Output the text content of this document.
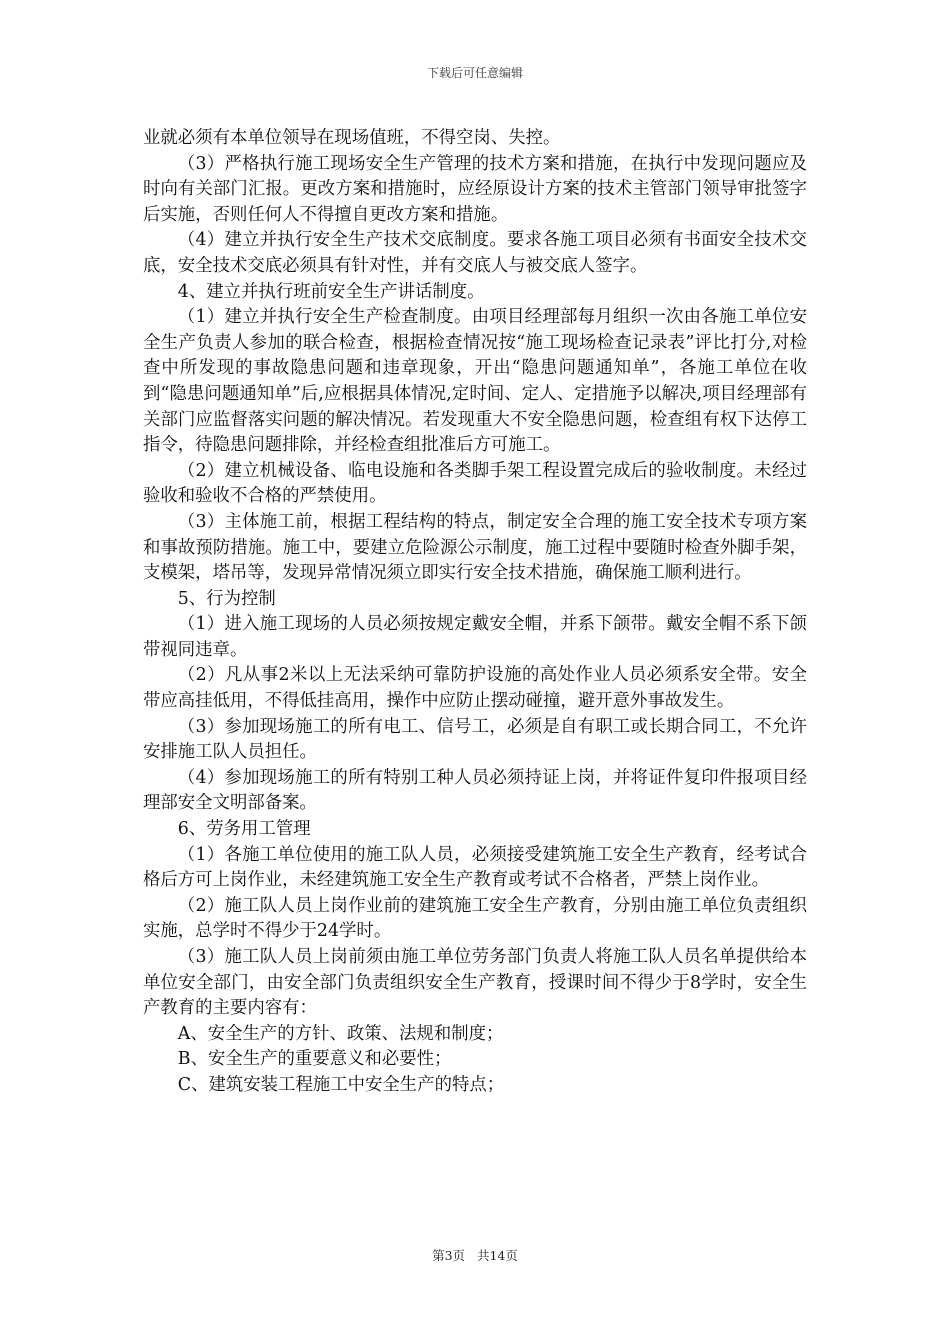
下载后可任意编辑

业就必须有本单位领导在现场值班，不得空岗、失控。

（3）严格执行施工现场安全生产管理的技术方案和措施，在执行中发现问题应及时向有关部门汇报。更改方案和措施时，应经原设计方案的技术主管部门领导审批签字后实施，否则任何人不得擅自更改方案和措施。

（4）建立并执行安全生产技术交底制度。要求各施工项目必须有书面安全技术交底，安全技术交底必须具有针对性，并有交底人与被交底人签字。

4、建立并执行班前安全生产讲话制度。

（1）建立并执行安全生产检查制度。由项目经理部每月组织一次由各施工单位安全生产负责人参加的联合检查，根据检查情况按“施工现场检查记录表”评比打分,对检查中所发现的事故隐患问题和违章现象，开出“隐患问题通知单”，各施工单位在收到“隐患问题通知单”后,应根据具体情况,定时间、定人、定措施予以解决,项目经理部有关部门应监督落实问题的解决情况。若发现重大不安全隐患问题，检查组有权下达停工指令，待隐患问题排除，并经检查组批准后方可施工。

（2）建立机械设备、临电设施和各类脚手架工程设置完成后的验收制度。未经过验收和验收不合格的严禁使用。

（3）主体施工前，根据工程结构的特点，制定安全合理的施工安全技术专项方案和事故预防措施。施工中，要建立危险源公示制度，施工过程中要随时检查外脚手架，支模架，塔吊等，发现异常情况须立即实行安全技术措施，确保施工顺利进行。

5、行为控制

（1）进入施工现场的人员必须按规定戴安全帽，并系下颌带。戴安全帽不系下颌带视同违章。

（2）凡从事2米以上无法采纳可靠防护设施的高处作业人员必须系安全带。安全带应高挂低用，不得低挂高用，操作中应防止摆动碰撞，避开意外事故发生。

（3）参加现场施工的所有电工、信号工，必须是自有职工或长期合同工，不允许安排施工队人员担任。

（4）参加现场施工的所有特别工种人员必须持证上岗，并将证件复印件报项目经理部安全文明部备案。

6、劳务用工管理

（1）各施工单位使用的施工队人员，必须接受建筑施工安全生产教育，经考试合格后方可上岗作业，未经建筑施工安全生产教育或考试不合格者，严禁上岗作业。

（2）施工队人员上岗作业前的建筑施工安全生产教育，分别由施工单位负责组织实施，总学时不得少于24学时。

（3）施工队人员上岗前须由施工单位劳务部门负责人将施工队人员名单提供给本单位安全部门，由安全部门负责组织安全生产教育，授课时间不得少于8学时，安全生产教育的主要内容有：

A、安全生产的方针、政策、法规和制度；

B、安全生产的重要意义和必要性；

C、建筑安装工程施工中安全生产的特点；

第3页 共14页
